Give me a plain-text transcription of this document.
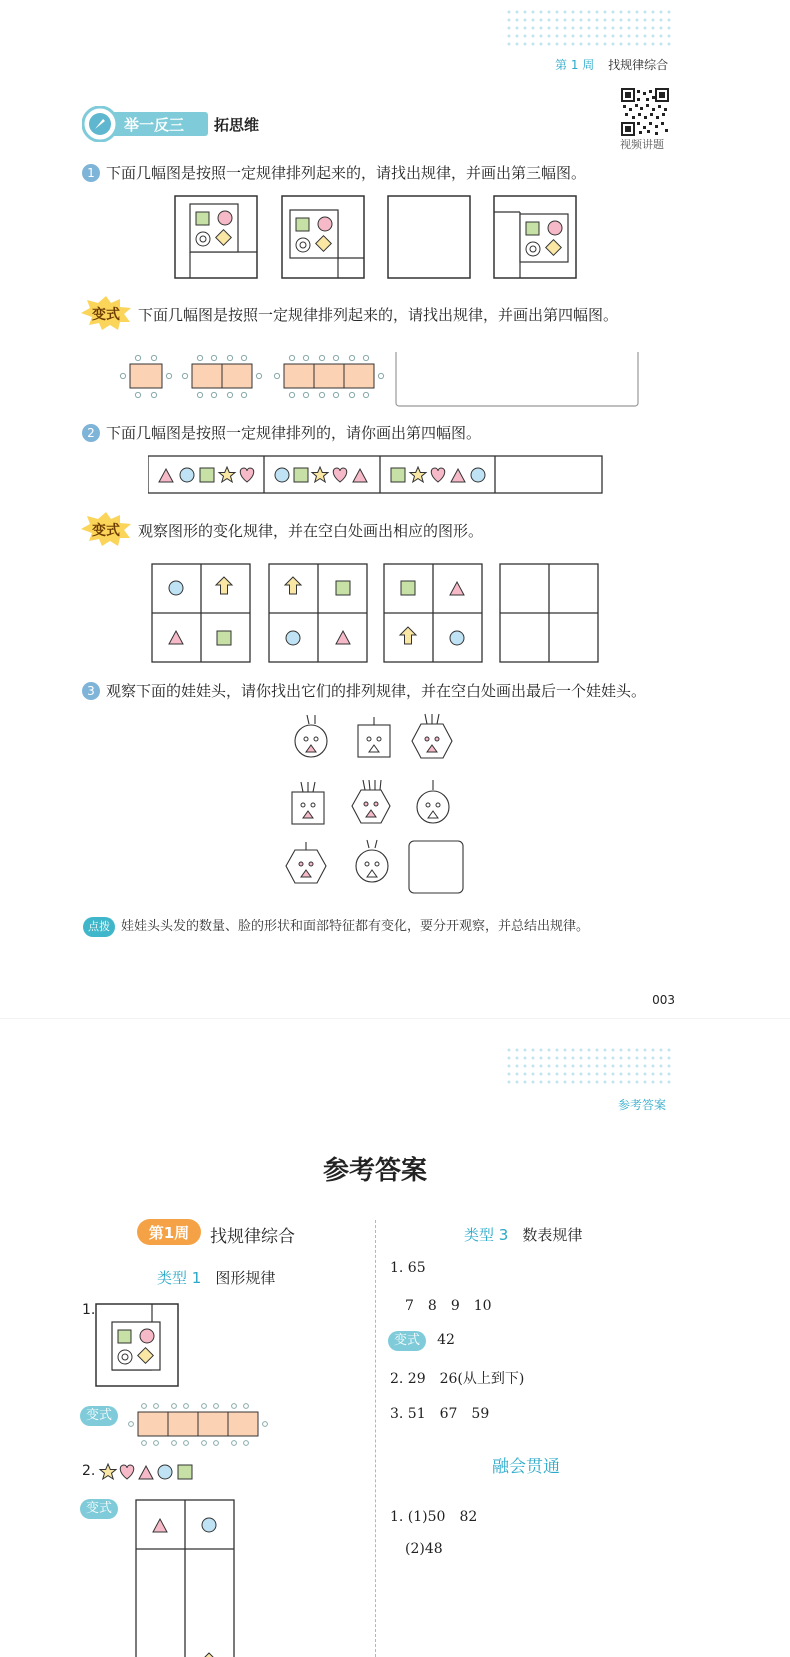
第 1 周 找规律综合
举一反三 拓思维
视频讲题
1 下面几幅图是按照一定规律排列起来的，请找出规律，并画出第三幅图。
变式 下面几幅图是按照一定规律排列起来的，请找出规律，并画出第四幅图。
2 下面几幅图是按照一定规律排列的，请你画出第四幅图。
变式 观察图形的变化规律，并在空白处画出相应的图形。
3 观察下面的娃娃头，请你找出它们的排列规律，并在空白处画出最后一个娃娃头。
点拨 娃娃头头发的数量、脸的形状和面部特征都有变化，要分开观察，并总结出规律。
003
参考答案
参考答案
第1周	找规律综合
类型 1 图形规律
1.
变式
2.
变式
类型 3 数表规律
1. 65
7　8　9　10
变式 42
2. 29　26(从上到下)
3. 51　67　59
融会贯通
1. (1)50　82
(2)48
